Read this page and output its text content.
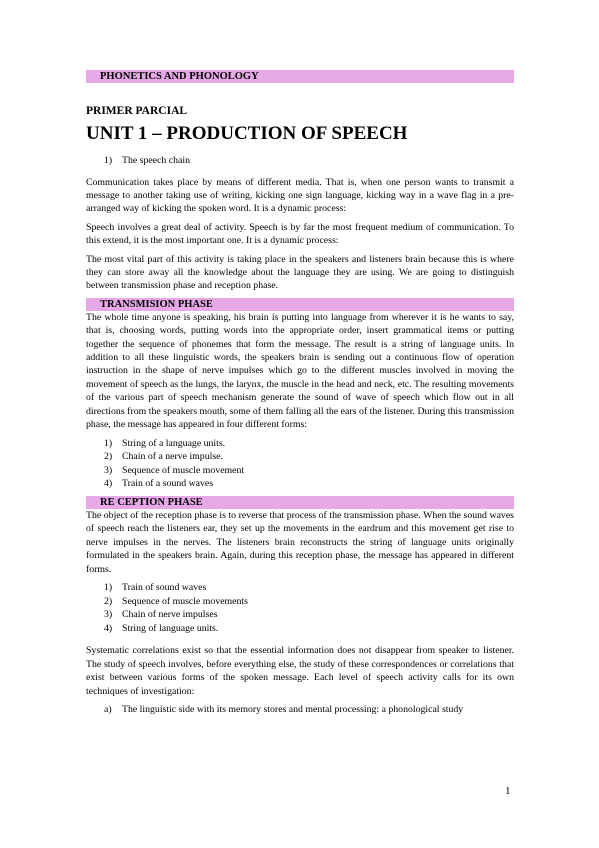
PHONETICS AND PHONOLOGY
PRIMER PARCIAL
UNIT 1 – PRODUCTION OF SPEECH
1) The speech chain

Communication takes place by means of different media. That is, when one person wants to transmit a message to another taking use of writing, kicking one sign language, kicking way in a wave flag in a pre-arranged way of kicking the spoken word. It is a dynamic process:

Speech involves a great deal of activity. Speech is by far the most frequent medium of communication. To this extend, it is the most important one. It is a dynamic process:

The most vital part of this activity is taking place in the speakers and listeners brain because this is where they can store away all the knowledge about the language they are using. We are going to distinguish between transmission phase and reception phase.

TRANSMISION PHASE

The whole time anyone is speaking, his brain is putting into language from wherever it is he wants to say, that is, choosing words, putting words into the appropriate order, insert grammatical items or putting together the sequence of phonemes that form the message. The result is a string of language units. In addition to all these linguistic words, the speakers brain is sending out a continuous flow of operation instruction in the shape of nerve impulses which go to the different muscles involved in moving the movement of speech as the lungs, the larynx, the muscle in the head and neck, etc. The resulting movements of the various part of speech mechanism generate the sound of wave of speech which flow out in all directions from the speakers mouth, some of them falling all the ears of the listener. During this transmission phase, the message has appeared in four different forms:

1) String of a language units.
2) Chain of a nerve impulse.
3) Sequence of muscle movement
4) Train of a sound waves
RE CEPTION PHASE

The object of the reception phase is to reverse that process of the transmission phase. When the sound waves of speech reach the listeners ear, they set up the movements in the eardrum and this movement get rise to nerve impulses in the nerves. The listeners brain reconstructs the string of language units originally formulated in the speakers brain. Again, during this reception phase, the message has appeared in different forms.

1) Train of sound waves
2) Sequence of muscle movements
3) Chain of nerve impulses
4) String of language units.

Systematic correlations exist so that the essential information does not disappear from speaker to listener. The study of speech involves, before everything else, the study of these correspondences or correlations that exist between various forms of the spoken message. Each level of speech activity calls for its own techniques of investigation:

a) The linguistic side with its memory stores and mental processing: a phonological study
1
